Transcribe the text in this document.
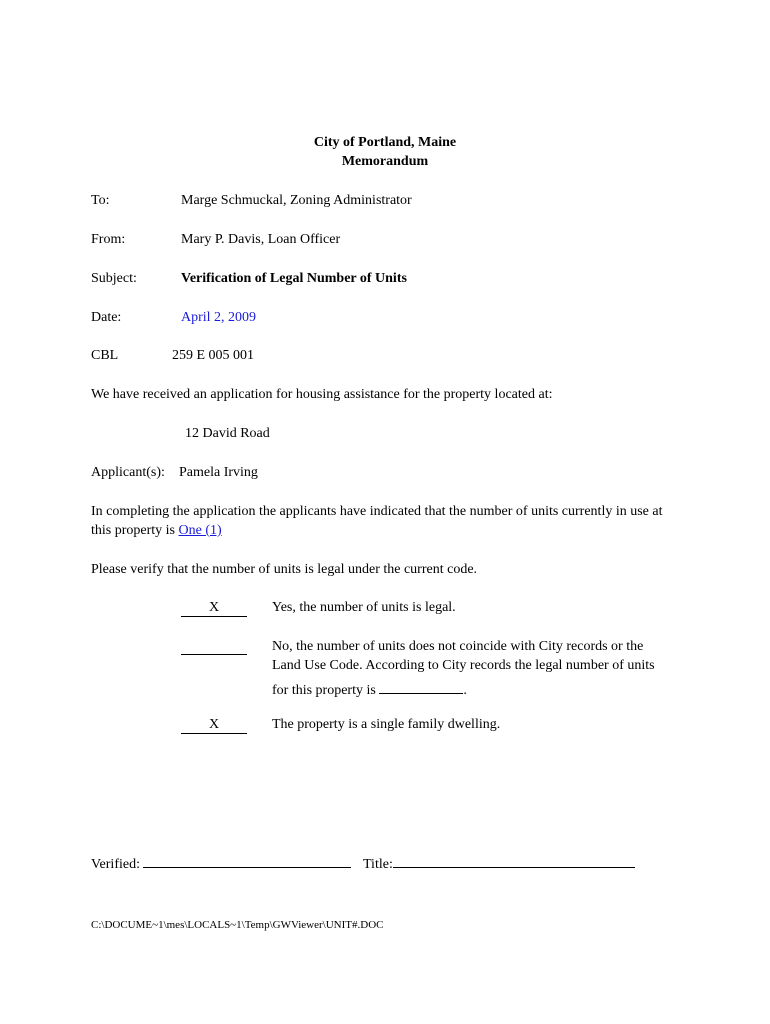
City of Portland, Maine
Memorandum
To:	Marge Schmuckal, Zoning Administrator
From:	Mary P. Davis, Loan Officer
Subject:	Verification of Legal Number of Units
Date:	April 2, 2009
CBL	259 E 005 001
We have received an application for housing assistance for the property located at:
12 David Road
Applicant(s): Pamela Irving
In completing the application the applicants have indicated that the number of units currently in use at
this property is One (1)
Please verify that the number of units is legal under the current code.
X	Yes, the number of units is legal.
No, the number of units does not coincide with City records or the
Land Use Code. According to City records the legal number of units
for this property is	.
X	The property is a single family dwelling.
Verified:	Title:
C:\DOCUME~1\mes\LOCALS~1\Temp\GWViewer\UNIT#.DOC
